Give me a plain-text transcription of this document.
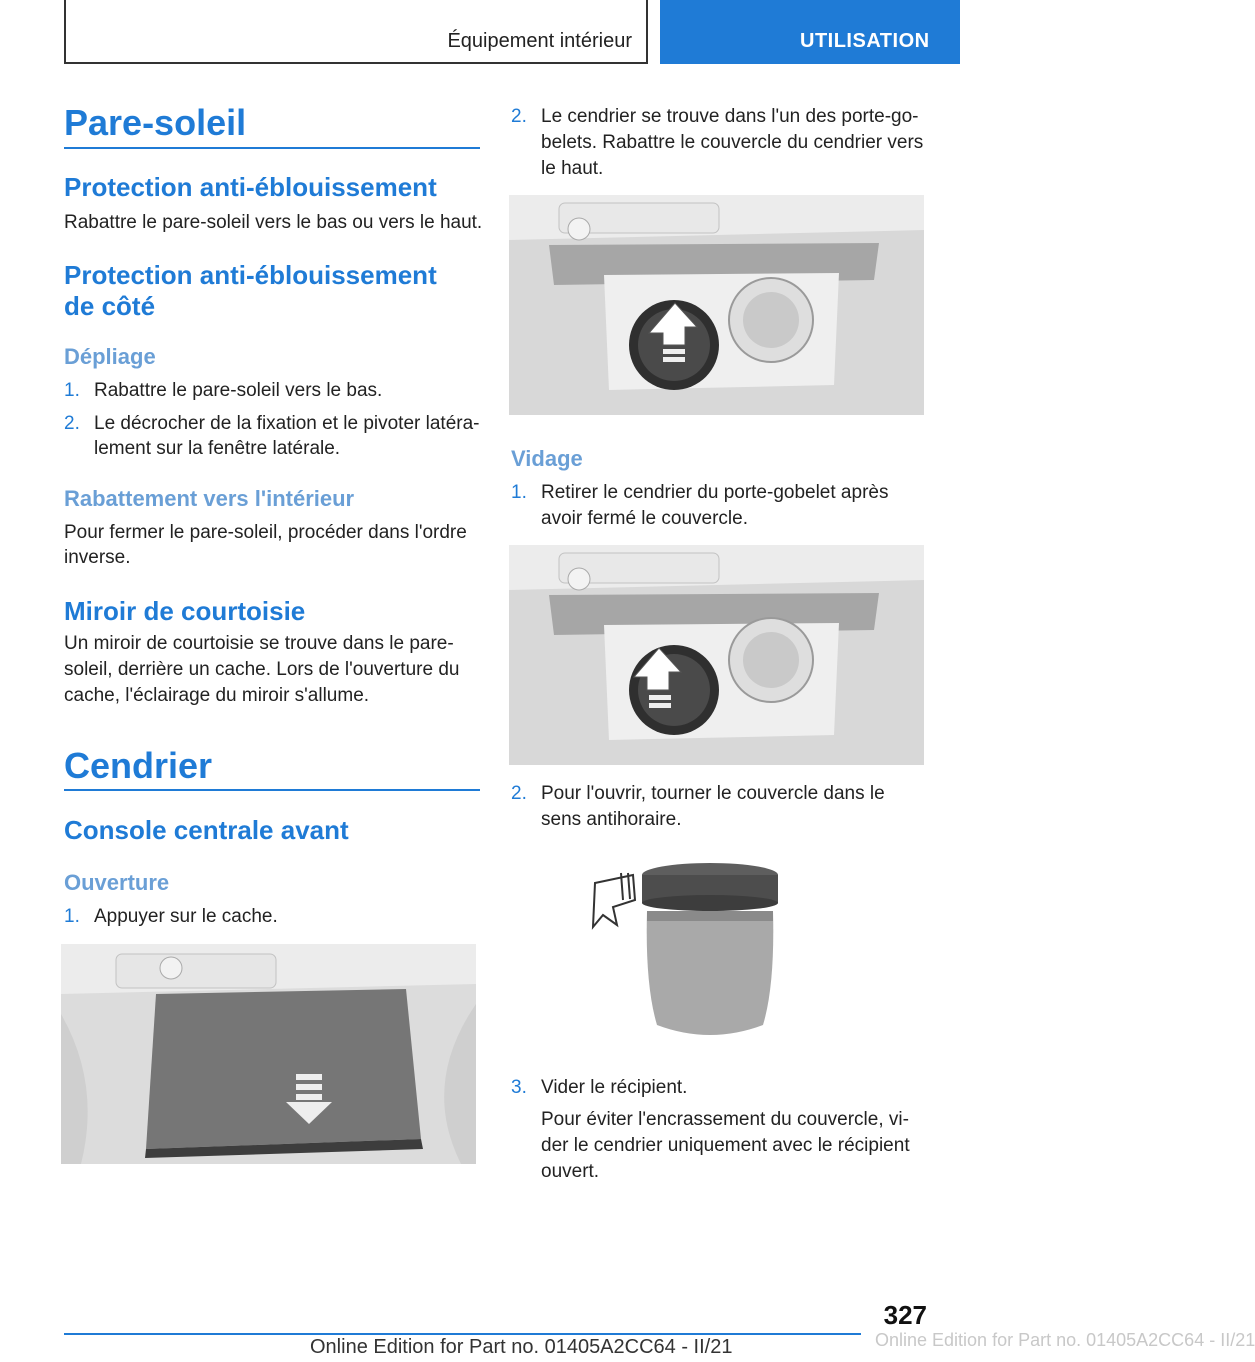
Équipement intérieur	UTILISATION
Pare-soleil
Protection anti-éblouissement
Rabattre le pare-soleil vers le bas ou vers le haut.
Protection anti-éblouissement
de côté
Dépliage
1. Rabattre le pare-soleil vers le bas.
2. Le décrocher de la fixation et le pivoter latéra‐
lement sur la fenêtre latérale.
Rabattement vers l'intérieur
Pour fermer le pare-soleil, procéder dans l'ordre
inverse.
Miroir de courtoisie
Un miroir de courtoisie se trouve dans le pare-
soleil, derrière un cache. Lors de l'ouverture du
cache, l'éclairage du miroir s'allume.
Cendrier
Console centrale avant
Ouverture
1. Appuyer sur le cache.
2. Le cendrier se trouve dans l'un des porte-go‐
belets. Rabattre le couvercle du cendrier vers
le haut.
Vidage
1. Retirer le cendrier du porte-gobelet après
avoir fermé le couvercle.
2. Pour l'ouvrir, tourner le couvercle dans le
sens antihoraire.
3. Vider le récipient.
Pour éviter l'encrassement du couvercle, vi‐
der le cendrier uniquement avec le récipient
ouvert.
327
Online Edition for Part no. 01405A2CC64 - II/21	Online Edition for Part no. 01405A2CC64 - II/21
